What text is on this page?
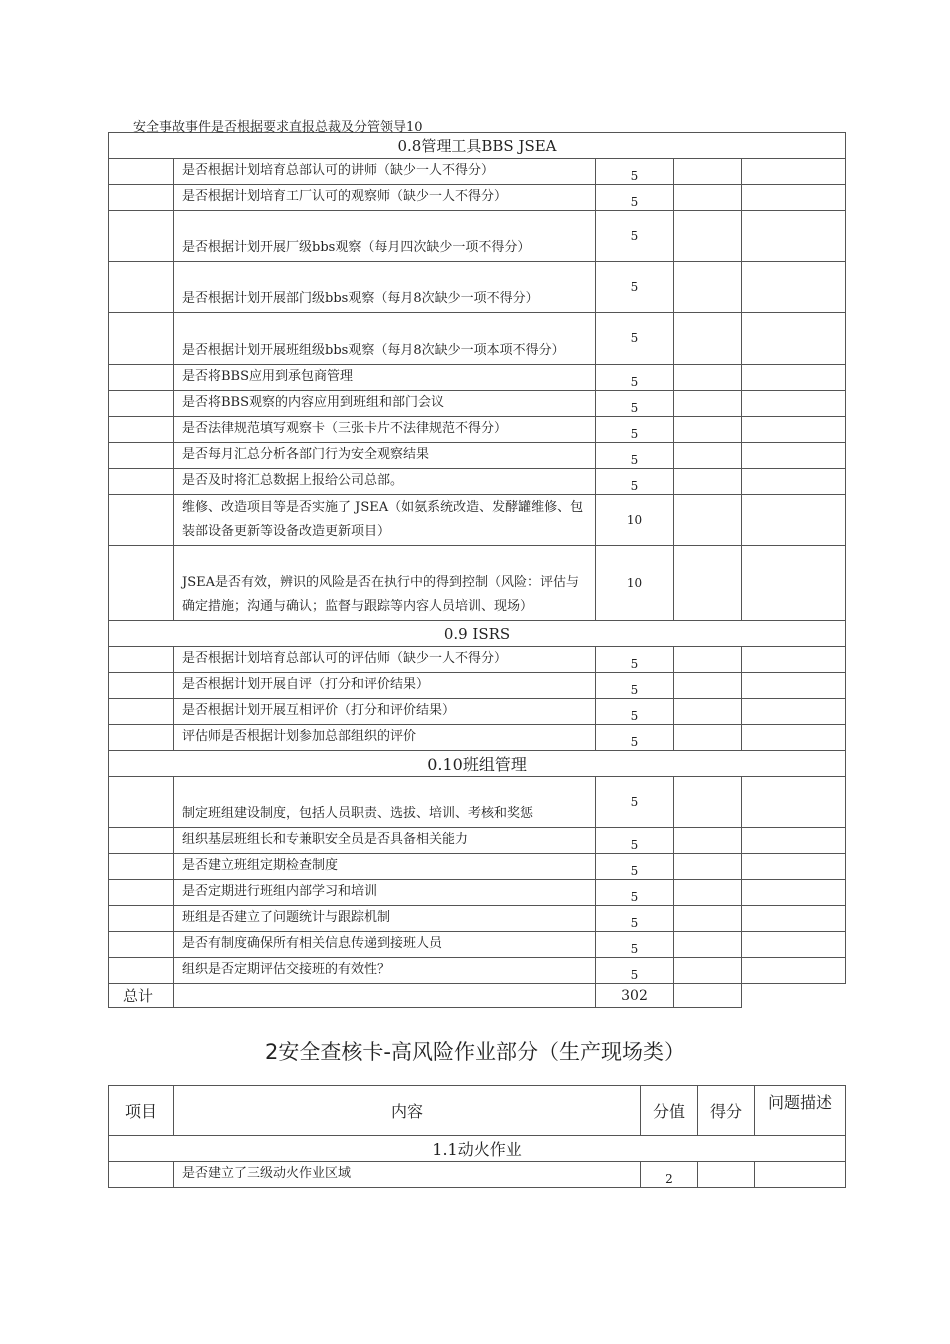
安全事故事件是否根据要求直报总裁及分管领导10
0.8管理工具BBS JSEA				
	是否根据计划培育总部认可的讲师（缺少一人不得分）	5		
	是否根据计划培育工厂认可的观察师（缺少一人不得分）	5		
	是否根据计划开展厂级bbs观察（每月四次缺少一项不得分）	5		
	是否根据计划开展部门级bbs观察（每月8次缺少一项不得分）	5		
	是否根据计划开展班组级bbs观察（每月8次缺少一项本项不得分）	5		
	是否将BBS应用到承包商管理	5		
	是否将BBS观察的内容应用到班组和部门会议	5		
	是否法律规范填写观察卡（三张卡片不法律规范不得分）	5		
	是否每月汇总分析各部门行为安全观察结果	5		
	是否及时将汇总数据上报给公司总部。	5		
	维修、改造项目等是否实施了 JSEA（如氨系统改造、发酵罐维修、包装部设备更新等设备改造更新项目）	10		
	JSEA是否有效，辨识的风险是否在执行中的得到控制（风险：评估与确定措施；沟通与确认；监督与跟踪等内容人员培训、现场）	10		
0.9 ISRS				
	是否根据计划培育总部认可的评估师（缺少一人不得分）	5		
	是否根据计划开展自评（打分和评价结果）	5		
	是否根据计划开展互相评价（打分和评价结果）	5		
	评估师是否根据计划参加总部组织的评价	5		
0.10班组管理				
	制定班组建设制度，包括人员职责、选拔、培训、考核和奖惩	5		
	组织基层班组长和专兼职安全员是否具备相关能力	5		
	是否建立班组定期检查制度	5		
	是否定期进行班组内部学习和培训	5		
	班组是否建立了问题统计与跟踪机制	5		
	是否有制度确保所有相关信息传递到接班人员	5		
	组织是否定期评估交接班的有效性？	5		
总计		302		
2安全查核卡-高风险作业部分（生产现场类）
项目	内容	分值	得分	问题描述
1.1动火作业				
	是否建立了三级动火作业区域	2		
